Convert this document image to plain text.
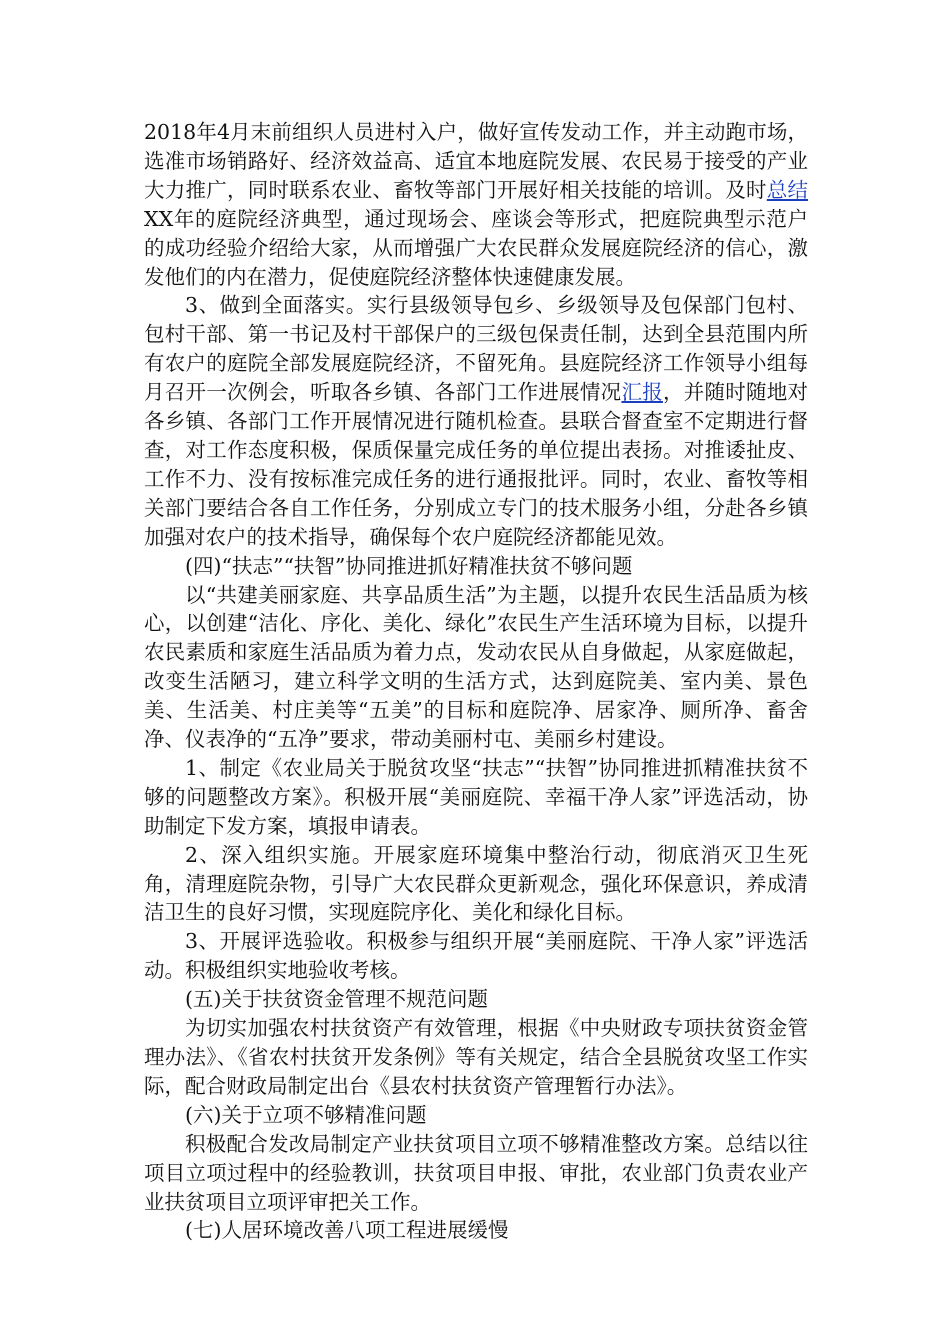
2018年4月末前组织人员进村入户，做好宣传发动工作，并主动跑市场，选准市场销路好、经济效益高、适宜本地庭院发展、农民易于接受的产业大力推广，同时联系农业、畜牧等部门开展好相关技能的培训。及时总结XX年的庭院经济典型，通过现场会、座谈会等形式，把庭院典型示范户的成功经验介绍给大家，从而增强广大农民群众发展庭院经济的信心，激发他们的内在潜力，促使庭院经济整体快速健康发展。

3、做到全面落实。实行县级领导包乡、乡级领导及包保部门包村、包村干部、第一书记及村干部保户的三级包保责任制，达到全县范围内所有农户的庭院全部发展庭院经济，不留死角。县庭院经济工作领导小组每月召开一次例会，听取各乡镇、各部门工作进展情况汇报，并随时随地对各乡镇、各部门工作开展情况进行随机检查。县联合督查室不定期进行督查，对工作态度积极，保质保量完成任务的单位提出表扬。对推诿扯皮、工作不力、没有按标准完成任务的进行通报批评。同时，农业、畜牧等相关部门要结合各自工作任务，分别成立专门的技术服务小组，分赴各乡镇加强对农户的技术指导，确保每个农户庭院经济都能见效。

(四)“扶志”“扶智”协同推进抓好精准扶贫不够问题

以“共建美丽家庭、共享品质生活”为主题，以提升农民生活品质为核心，以创建“洁化、序化、美化、绿化”农民生产生活环境为目标，以提升农民素质和家庭生活品质为着力点，发动农民从自身做起，从家庭做起，改变生活陋习，建立科学文明的生活方式，达到庭院美、室内美、景色美、生活美、村庄美等“五美”的目标和庭院净、居家净、厕所净、畜舍净、仪表净的“五净”要求，带动美丽村屯、美丽乡村建设。

1、制定《农业局关于脱贫攻坚“扶志”“扶智”协同推进抓精准扶贫不够的问题整改方案》。积极开展“美丽庭院、幸福干净人家”评选活动，协助制定下发方案，填报申请表。

2、深入组织实施。开展家庭环境集中整治行动，彻底消灭卫生死角，清理庭院杂物，引导广大农民群众更新观念，强化环保意识，养成清洁卫生的良好习惯，实现庭院序化、美化和绿化目标。

3、开展评选验收。积极参与组织开展“美丽庭院、干净人家”评选活动。积极组织实地验收考核。

(五)关于扶贫资金管理不规范问题

为切实加强农村扶贫资产有效管理，根据《中央财政专项扶贫资金管理办法》、《省农村扶贫开发条例》等有关规定，结合全县脱贫攻坚工作实际，配合财政局制定出台《县农村扶贫资产管理暂行办法》。

(六)关于立项不够精准问题

积极配合发改局制定产业扶贫项目立项不够精准整改方案。总结以往项目立项过程中的经验教训，扶贫项目申报、审批，农业部门负责农业产业扶贫项目立项评审把关工作。

(七)人居环境改善八项工程进展缓慢
